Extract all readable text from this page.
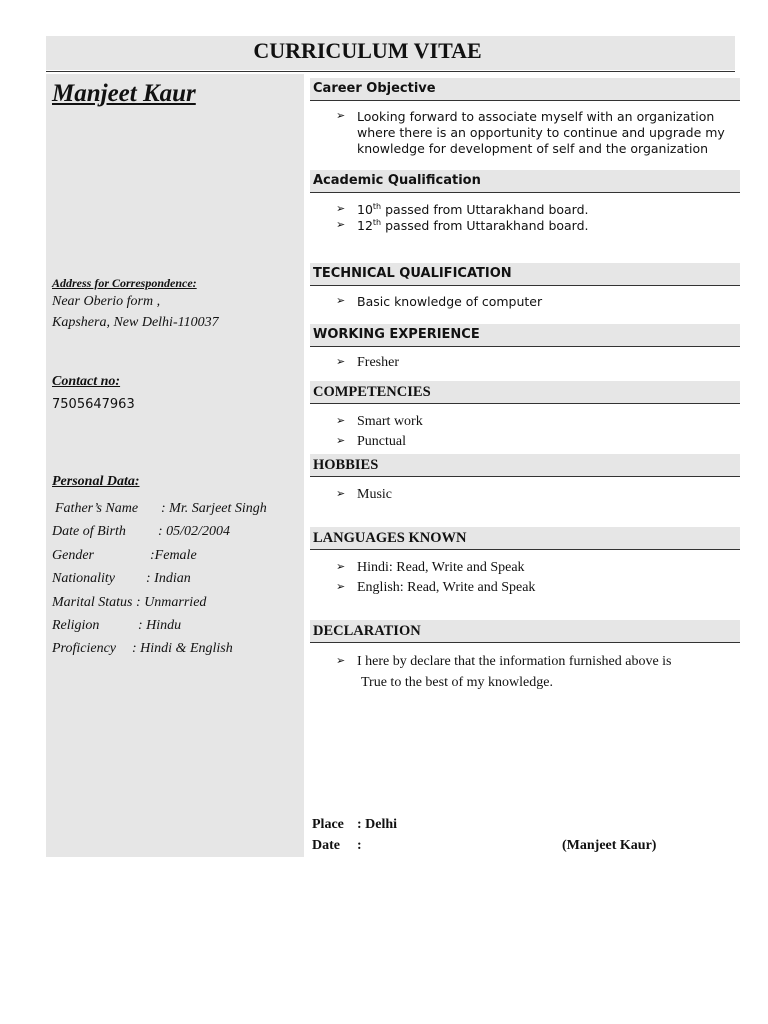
CURRICULUM VITAE
Manjeet Kaur
Address for Correspondence:
Near Oberio form ,
Kapshera, New Delhi-110037
Contact no:
7505647963
Personal Data:
Father’s Name : Mr. Sarjeet Singh
Date of Birth : 05/02/2004
Gender	:Female
Nationality : Indian
Marital Status : Unmarried
Religion	: Hindu
Proficiency : Hindi & English
Career Objective
➢ Looking forward to associate myself with an organization
where there is an opportunity to continue and upgrade my
knowledge for development of self and the organization
Academic Qualification
➢ 10th passed from Uttarakhand board.
➢ 12th passed from Uttarakhand board.
TECHNICAL QUALIFICATION
➢ Basic knowledge of computer
WORKING EXPERIENCE
➢ Fresher
COMPETENCIES
➢ Smart work
➢ Punctual
HOBBIES
➢ Music
LANGUAGES KNOWN
➢ Hindi: Read, Write and Speak
➢ English: Read, Write and Speak
DECLARATION
➢ I here by declare that the information furnished above is
True to the best of my knowledge.
Place : Delhi
Date :	(Manjeet Kaur)
